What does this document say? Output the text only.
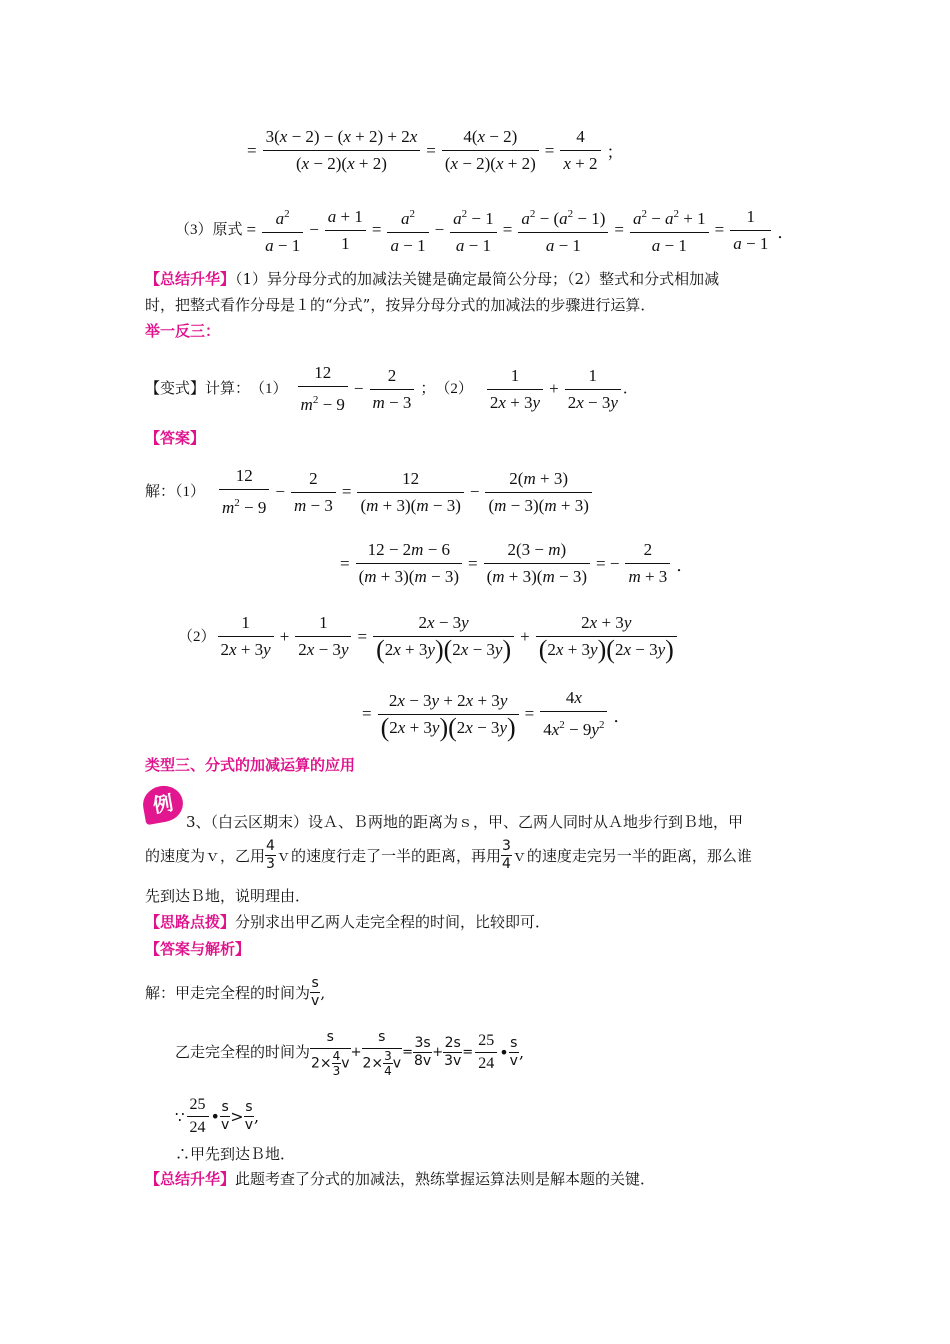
= $\frac{3(x - 2) - (x + 2) + 2x}{(x - 2)(x + 2)} = \frac{4(x - 2)}{(x - 2)(x + 2)} = \frac{4}{x + 2}$ ；
（3）原式 = $\frac{a^2}{a - 1} - \frac{a + 1}{1} = \frac{a^2}{a - 1} - \frac{a^2 - 1}{a - 1} = \frac{a^2 - (a^2 - 1)}{a - 1} = \frac{a^2 - a^2 + 1}{a - 1} = \frac{1}{a - 1}$ ．
【总结升华】（1）异分母分式的加减法关键是确定最简公分母；（2）整式和分式相加减
时，把整式看作分母是１的“分式”，按异分母分式的加减法的步骤进行运算．
举一反三：
【变式】计算： $(1) \frac{12}{m^2 - 9} - \frac{2}{m - 3}$ ； $(2) \frac{1}{2x + 3y} + \frac{1}{2x - 3y}$ ．
【答案】
解：$(1) \frac{12}{m^2 - 9} - \frac{2}{m - 3} = \frac{12}{(m + 3)(m - 3)} - \frac{2(m + 3)}{(m - 3)(m + 3)}$
= $\frac{12 - 2m - 6}{(m + 3)(m - 3)} = \frac{2(3 - m)}{(m + 3)(m - 3)}$ = − $\frac{2}{m + 3}$ ．
$(2) \frac{1}{2x + 3y} + \frac{1}{2x - 3y} = \frac{2x - 3y}{(2x + 3y)(2x - 3y)} + \frac{2x + 3y}{(2x + 3y)(2x - 3y)}$
= $\frac{2x - 3y + 2x + 3y}{(2x + 3y)(2x - 3y)} = \frac{4x}{4x^2 - 9y^2}$ ．
类型三、分式的加减运算的应用
例
3、（白云区期末）设Ａ、Ｂ两地的距离为ｓ，甲、乙两人同时从Ａ地步行到Ｂ地，甲
的速度为ｖ，乙用
4
3 ｖ的速度行走了一半的距离，再用
3
4 ｖ的速度走完另一半的距离，那么谁
先到达Ｂ地，说明理由．
【思路点拨】分别求出甲乙两人走完全程的时间，比较即可．
【答案与解析】
解：甲走完全程的时间为
s
v ,
乙走完全程的时间为
s
$2\times \frac{4}{3}$ v
+ $\frac{s}{2\times \frac{3}{4} v} = \frac{3s}{8v} + \frac{2s}{3v} = \frac{25}{24}$ • s
v ,
∵ $\frac{25}{24}$ • s
v > s
v ,
∴甲先到达Ｂ地．
【总结升华】此题考查了分式的加减法，熟练掌握运算法则是解本题的关键．
